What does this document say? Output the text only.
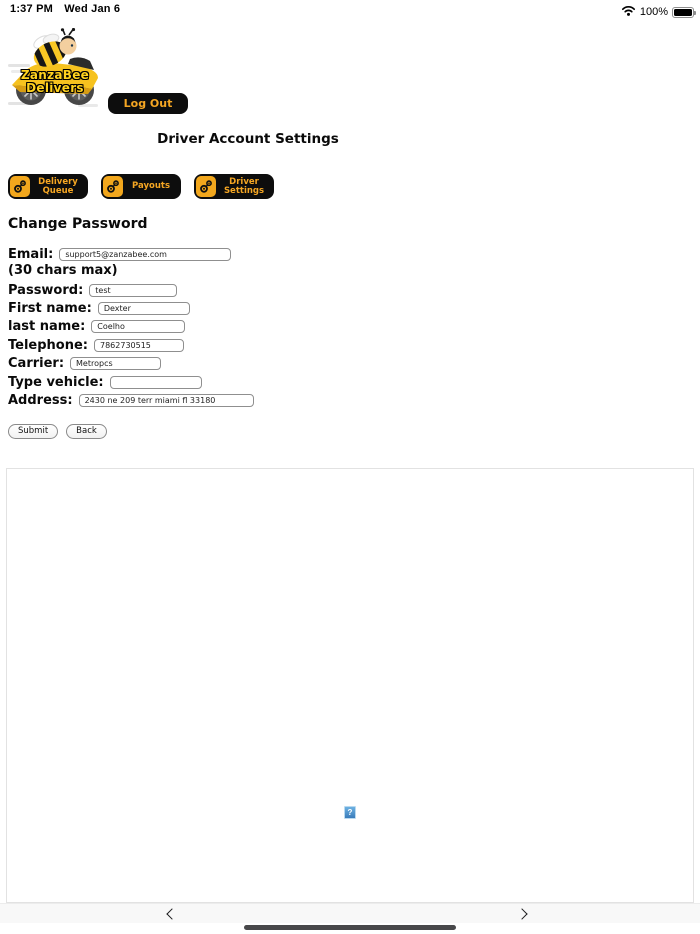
1:37 PM Wed Jan 6	100%
ZanzaBee
Delivers
Log Out
Driver Account Settings
Delivery Queue	Payouts	Driver Settings
Change Password
Email:
support5@zanzabee.com
(30 chars max)
Password:
test
First name:
Dexter
last name:
Coelho
Telephone:
7862730515
Carrier:
Metropcs
Type vehicle:
Address:
2430 ne 209 terr miami fl 33180
Submit	Back
?
